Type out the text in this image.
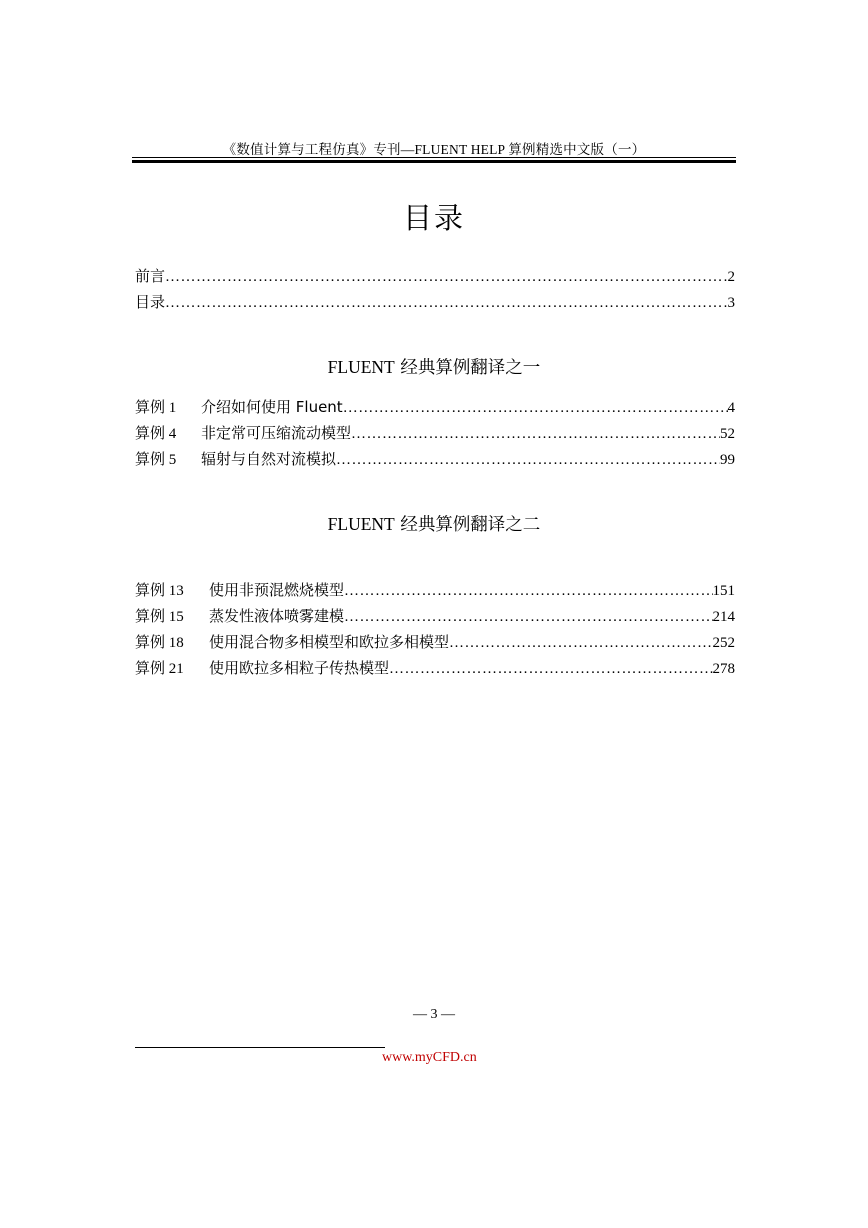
《数值计算与工程仿真》专刊—FLUENT HELP 算例精选中文版（一）
目录
前言 ……………………………………………………………………………………………………………………………………………………………………………………………………	2
目录 ……………………………………………………………………………………………………………………………………………………………………………………………………	3
FLUENT 经典算例翻译之一
算例 1	介绍如何使用 Fluent ……………………………………………………………………………………………………………………………………………………………………………………………………	4
算例 4	非定常可压缩流动模型 ……………………………………………………………………………………………………………………………………………………………………………………………………	52
算例 5	辐射与自然对流模拟 ……………………………………………………………………………………………………………………………………………………………………………………………………	99
FLUENT 经典算例翻译之二
算例 13	使用非预混燃烧模型 ……………………………………………………………………………………………………………………………………………………………………………………………………	151
算例 15	蒸发性液体喷雾建模 ……………………………………………………………………………………………………………………………………………………………………………………………………	214
算例 18	使用混合物多相模型和欧拉多相模型 ……………………………………………………………………………………………………………………………………………………………………………………………………	252
算例 21	使用欧拉多相粒子传热模型 ……………………………………………………………………………………………………………………………………………………………………………………………………	278
— 3 —
www.myCFD.cn
